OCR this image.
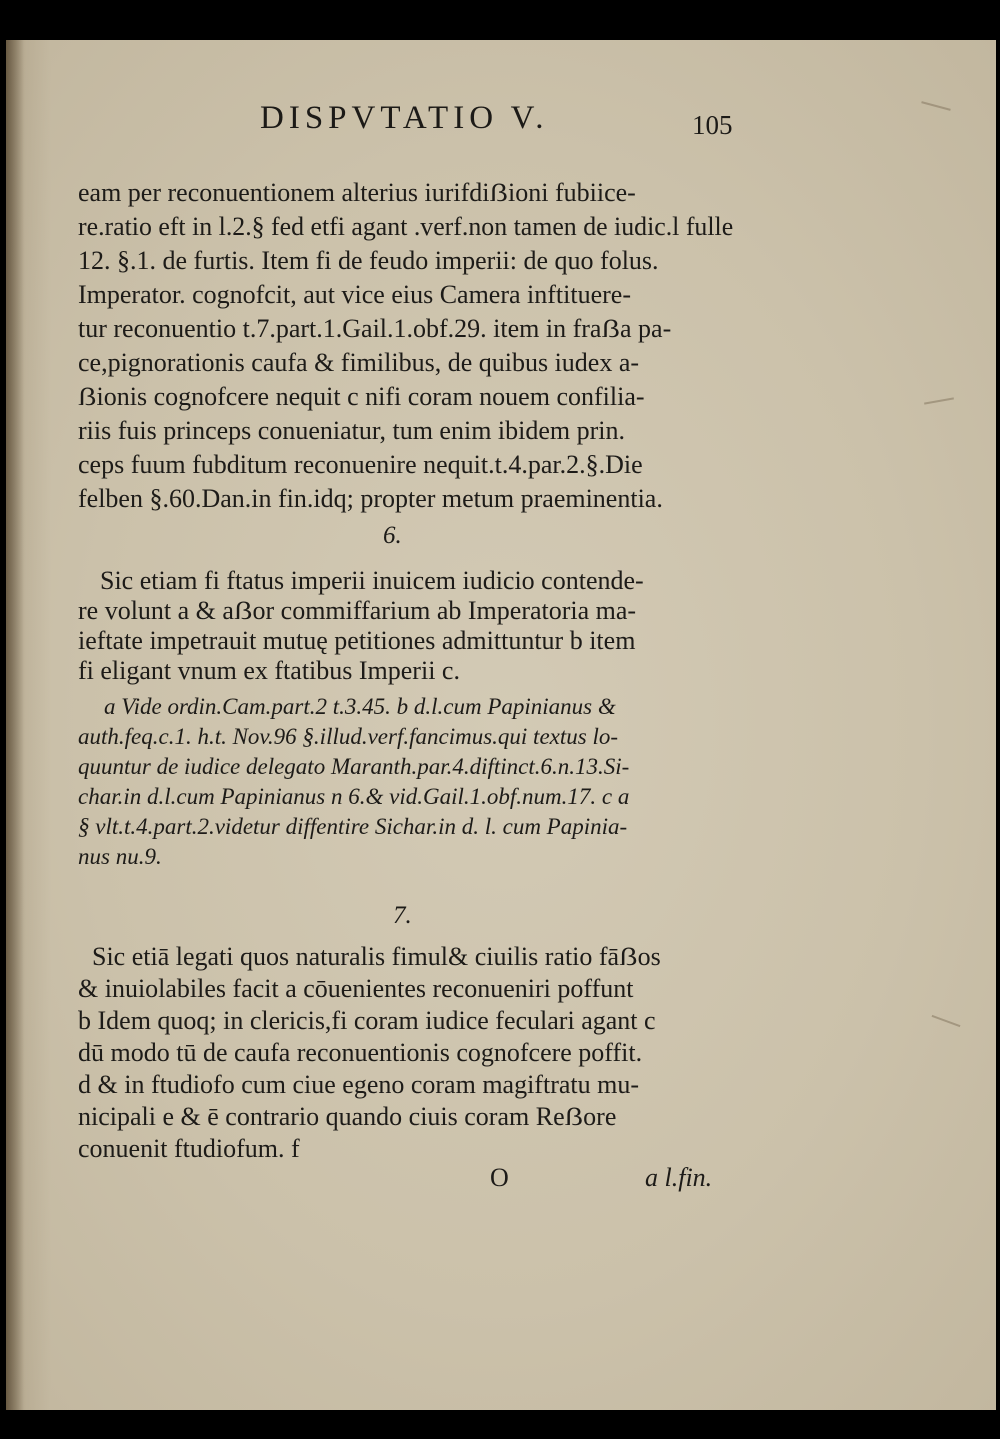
DISPVTATIO V.	105
eam per reconuentionem alterius iurifdiẞioni fubiice-
re.ratio eft in l.2.§ fed etfi agant .verf.non tamen de iudic.l fulle
12. §.1. de furtis. Item fi de feudo imperii: de quo folus.
Imperator. cognofcit, aut vice eius Camera inftituere-
tur reconuentio t.7.part.1.Gail.1.obf.29. item in fraẞa pa-
ce,pignorationis caufa & fimilibus, de quibus iudex a-
ẞionis cognofcere nequit c nifi coram nouem confilia-
riis fuis princeps conueniatur, tum enim ibidem prin.
ceps fuum fubditum reconuenire nequit.t.4.par.2.§.Die
felben §.60.Dan.in fin.idq; propter metum praeminentia.
6.
Sic etiam fi ftatus imperii inuicem iudicio contende-
re volunt a & aẞor commiffarium ab Imperatoria ma-
ieftate impetrauit mutuę petitiones admittuntur b item
fi eligant vnum ex ftatibus Imperii c.
a Vide ordin.Cam.part.2 t.3.45. b d.l.cum Papinianus &
auth.feq.c.1. h.t. Nov.96 §.illud.verf.fancimus.qui textus lo-
quuntur de iudice delegato Maranth.par.4.diftinct.6.n.13.Si-
char.in d.l.cum Papinianus n 6.& vid.Gail.1.obf.num.17. c a
§ vlt.t.4.part.2.videtur diffentire Sichar.in d. l. cum Papinia-
nus nu.9.
7.
Sic etiā legati quos naturalis fimul& ciuilis ratio fāẞos
& inuiolabiles facit a cōuenientes reconueniri poffunt
b Idem quoq; in clericis,fi coram iudice feculari agant c
dū modo tū de caufa reconuentionis cognofcere poffit.
d & in ftudiofo cum ciue egeno coram magiftratu mu-
nicipali e & ē contrario quando ciuis coram Reẞore
conuenit ftudiofum. f
O	a l.fin.
